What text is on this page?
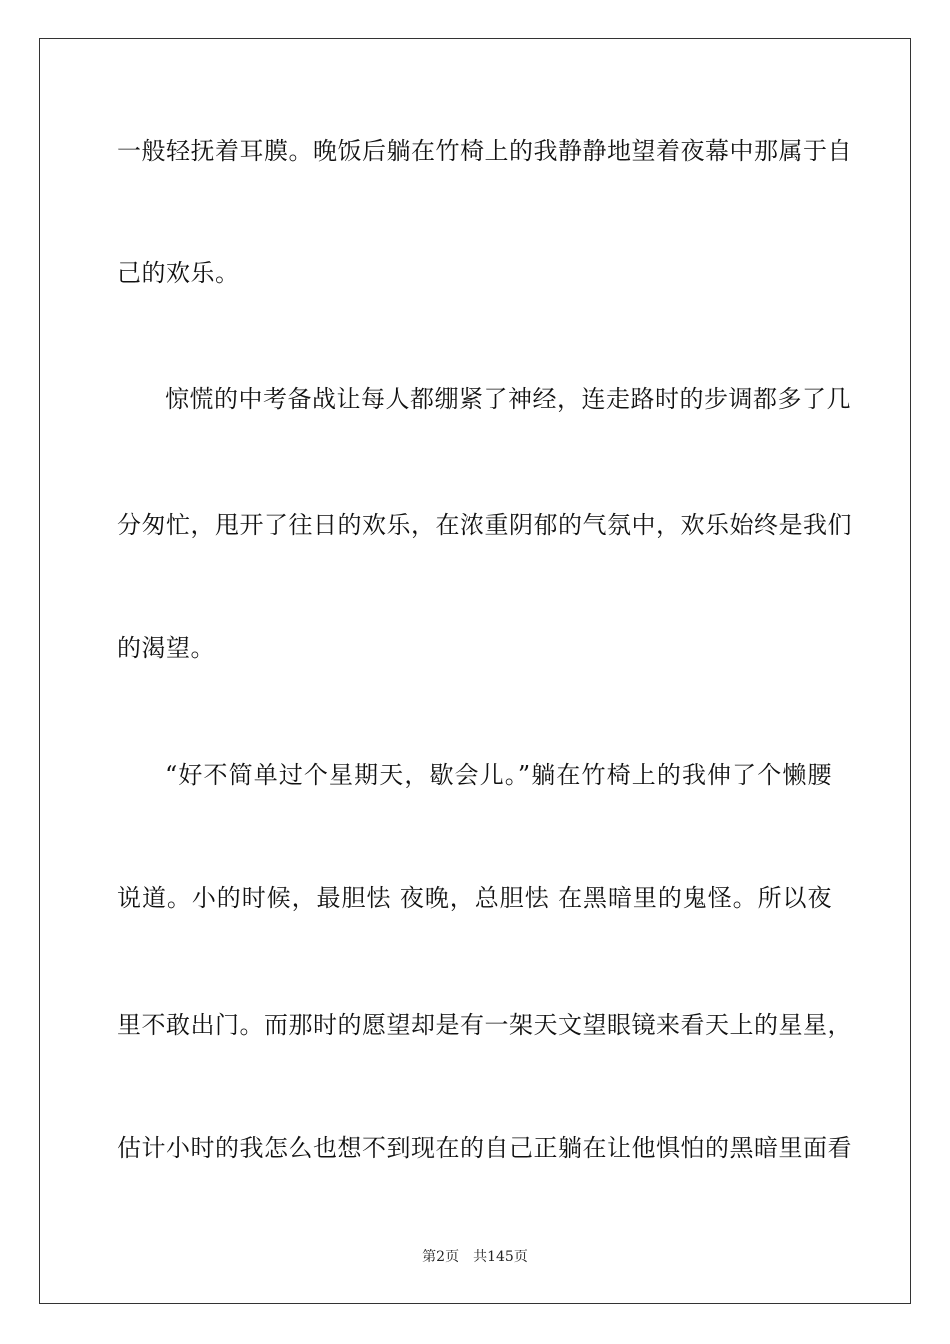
一般轻抚着耳膜。晚饭后躺在竹椅上的我静静地望着夜幕中那属于自
己的欢乐。
惊慌的中考备战让每人都绷紧了神经，连走路时的步调都多了几
分匆忙，甩开了往日的欢乐，在浓重阴郁的气氛中，欢乐始终是我们
的渴望。
“好不简单过个星期天，歇会儿。”躺在竹椅上的我伸了个懒腰
说道。小的时候，最胆怯 夜晚，总胆怯 在黑暗里的鬼怪。所以夜
里不敢出门。而那时的愿望却是有一架天文望眼镜来看天上的星星，
估计小时的我怎么也想不到现在的自己正躺在让他惧怕的黑暗里面看
第2页 共145页
